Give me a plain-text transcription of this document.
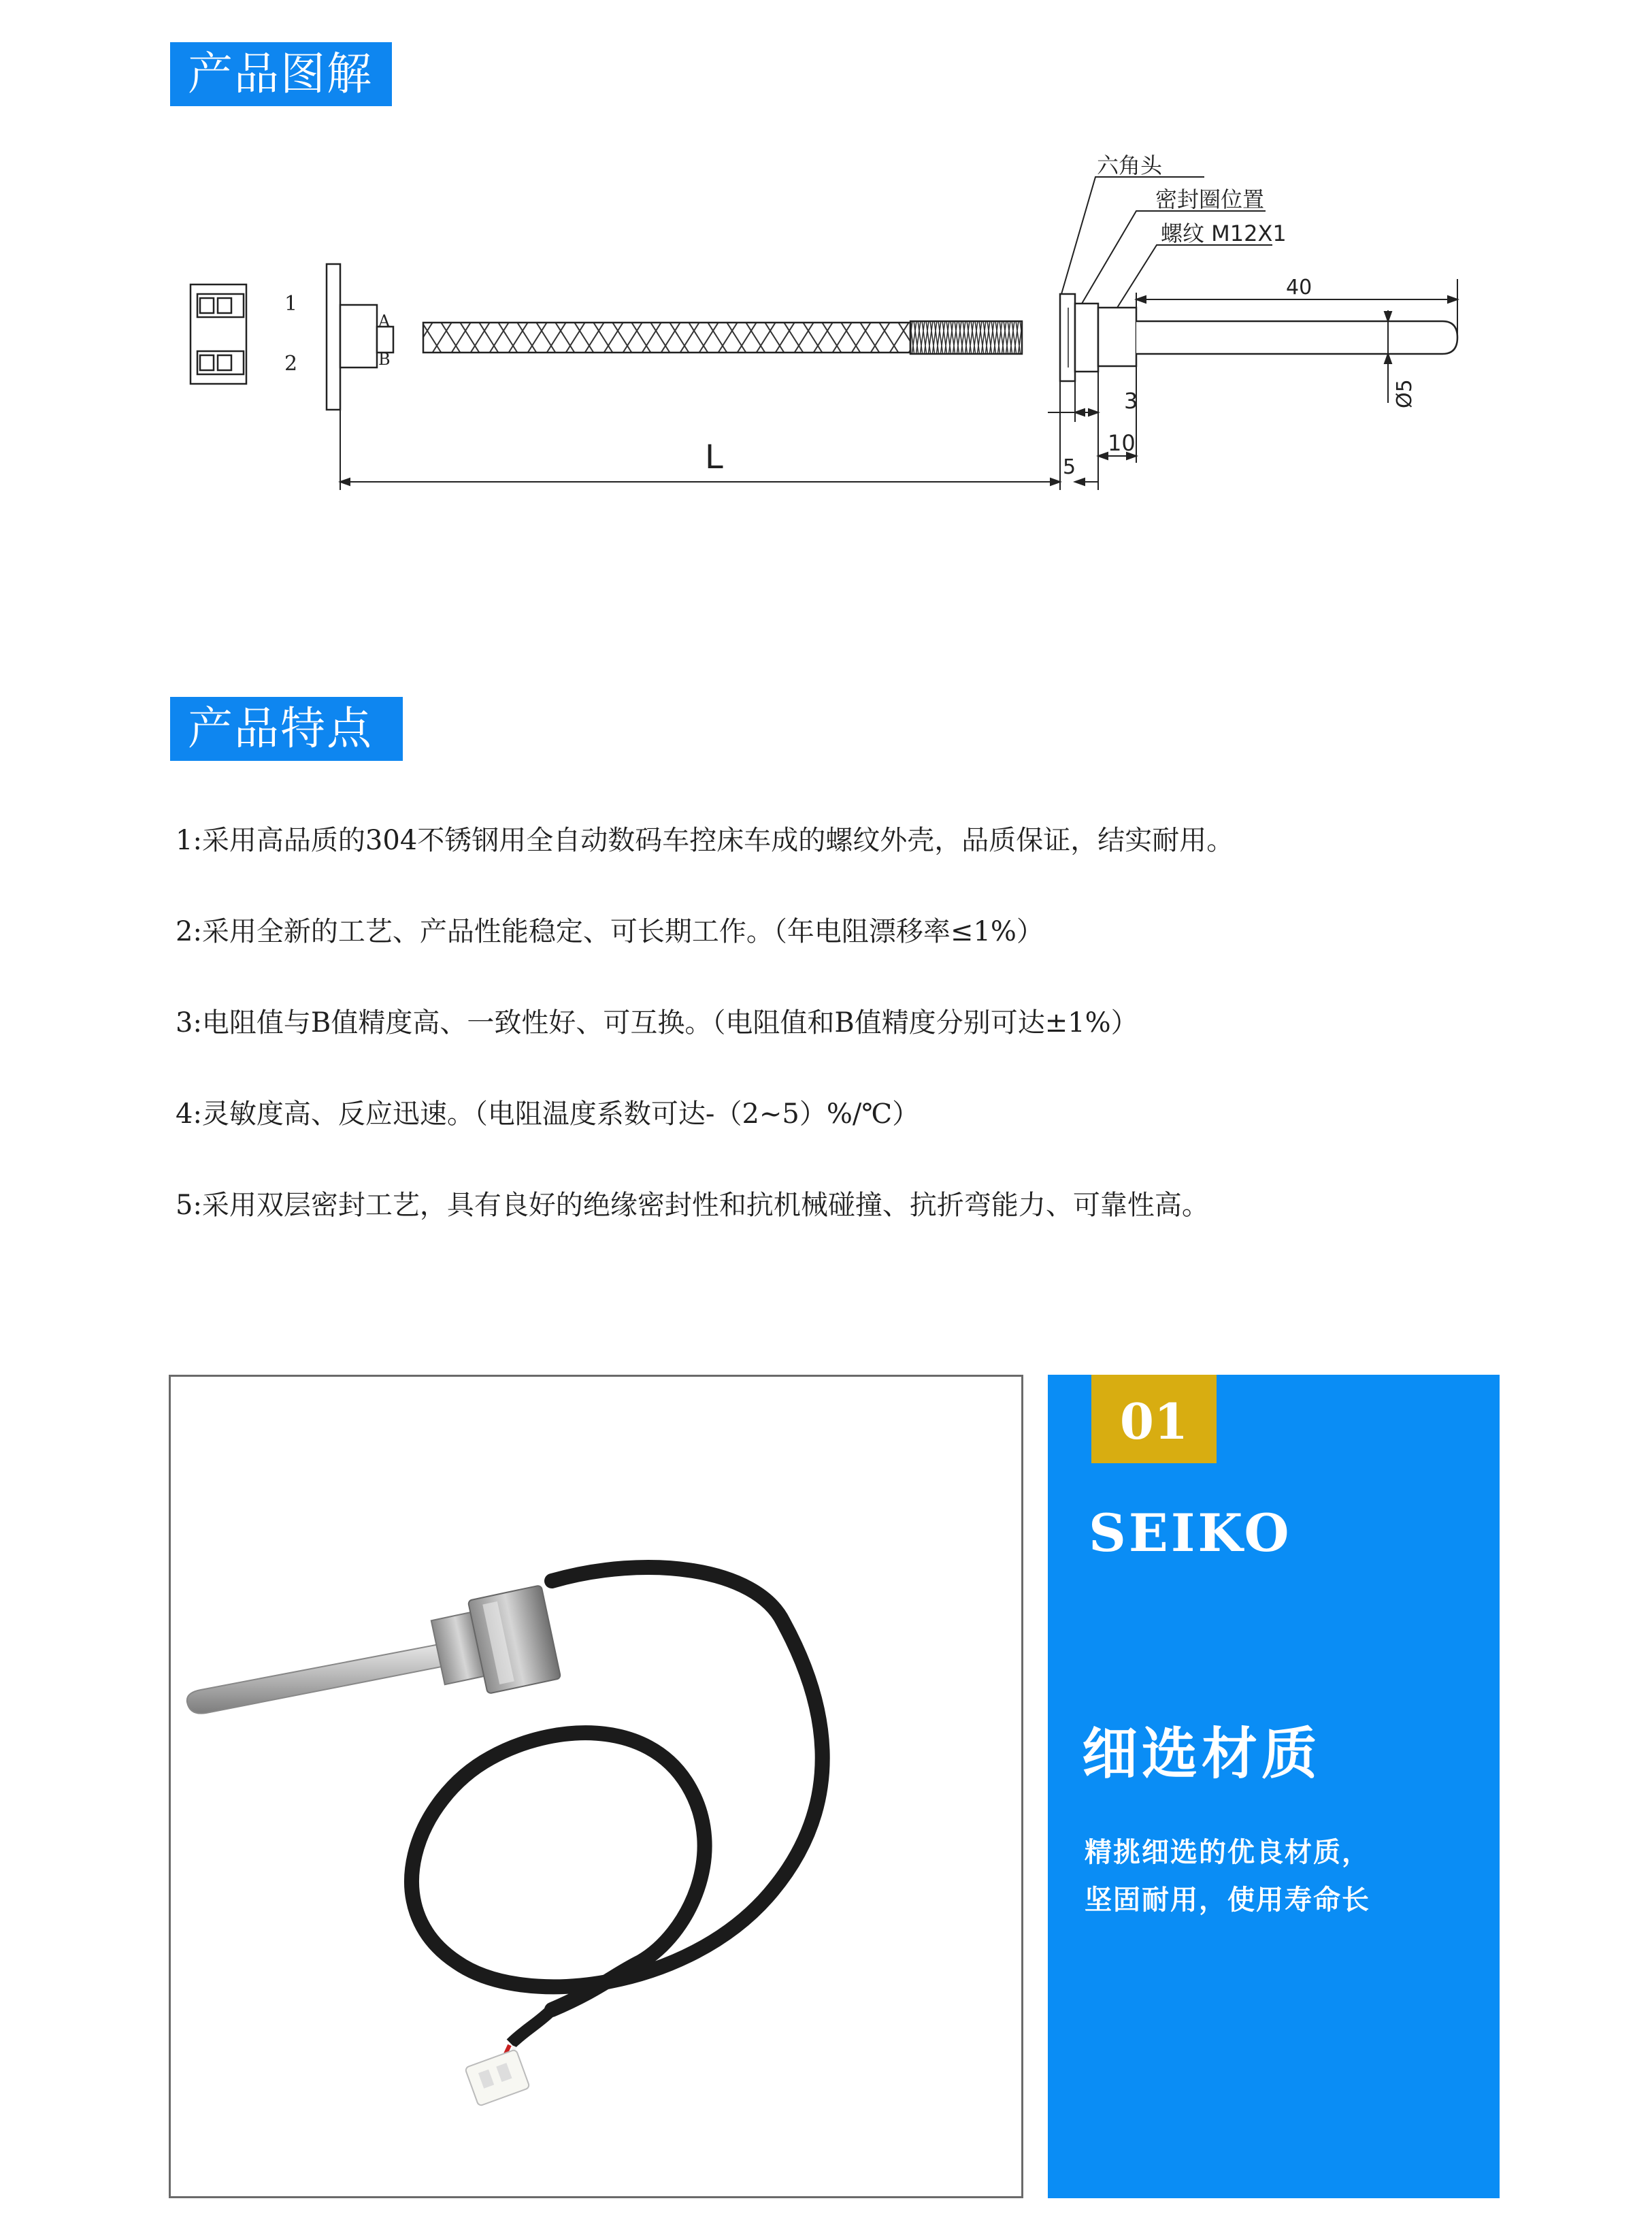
产品图解
A
B
1
2
六角头
密封圈位置
螺纹 M12X1
40
Ø5
3
10
L	5
产品特点
1:采用高品质的304不锈钢用全自动数码车控床车成的螺纹外壳，品质保证，结实耐用。
2:采用全新的工艺、产品性能稳定、可长期工作。（年电阻漂移率≤1%）
3:电阻值与B值精度高、一致性好、可互换。（电阻值和B值精度分别可达±1%）
4:灵敏度高、反应迅速。（电阻温度系数可达-（2~5）%/℃）
5:采用双层密封工艺，具有良好的绝缘密封性和抗机械碰撞、抗折弯能力、可靠性高。
01
SEIKO
细选材质
精挑细选的优良材质，
坚固耐用，使用寿命长
